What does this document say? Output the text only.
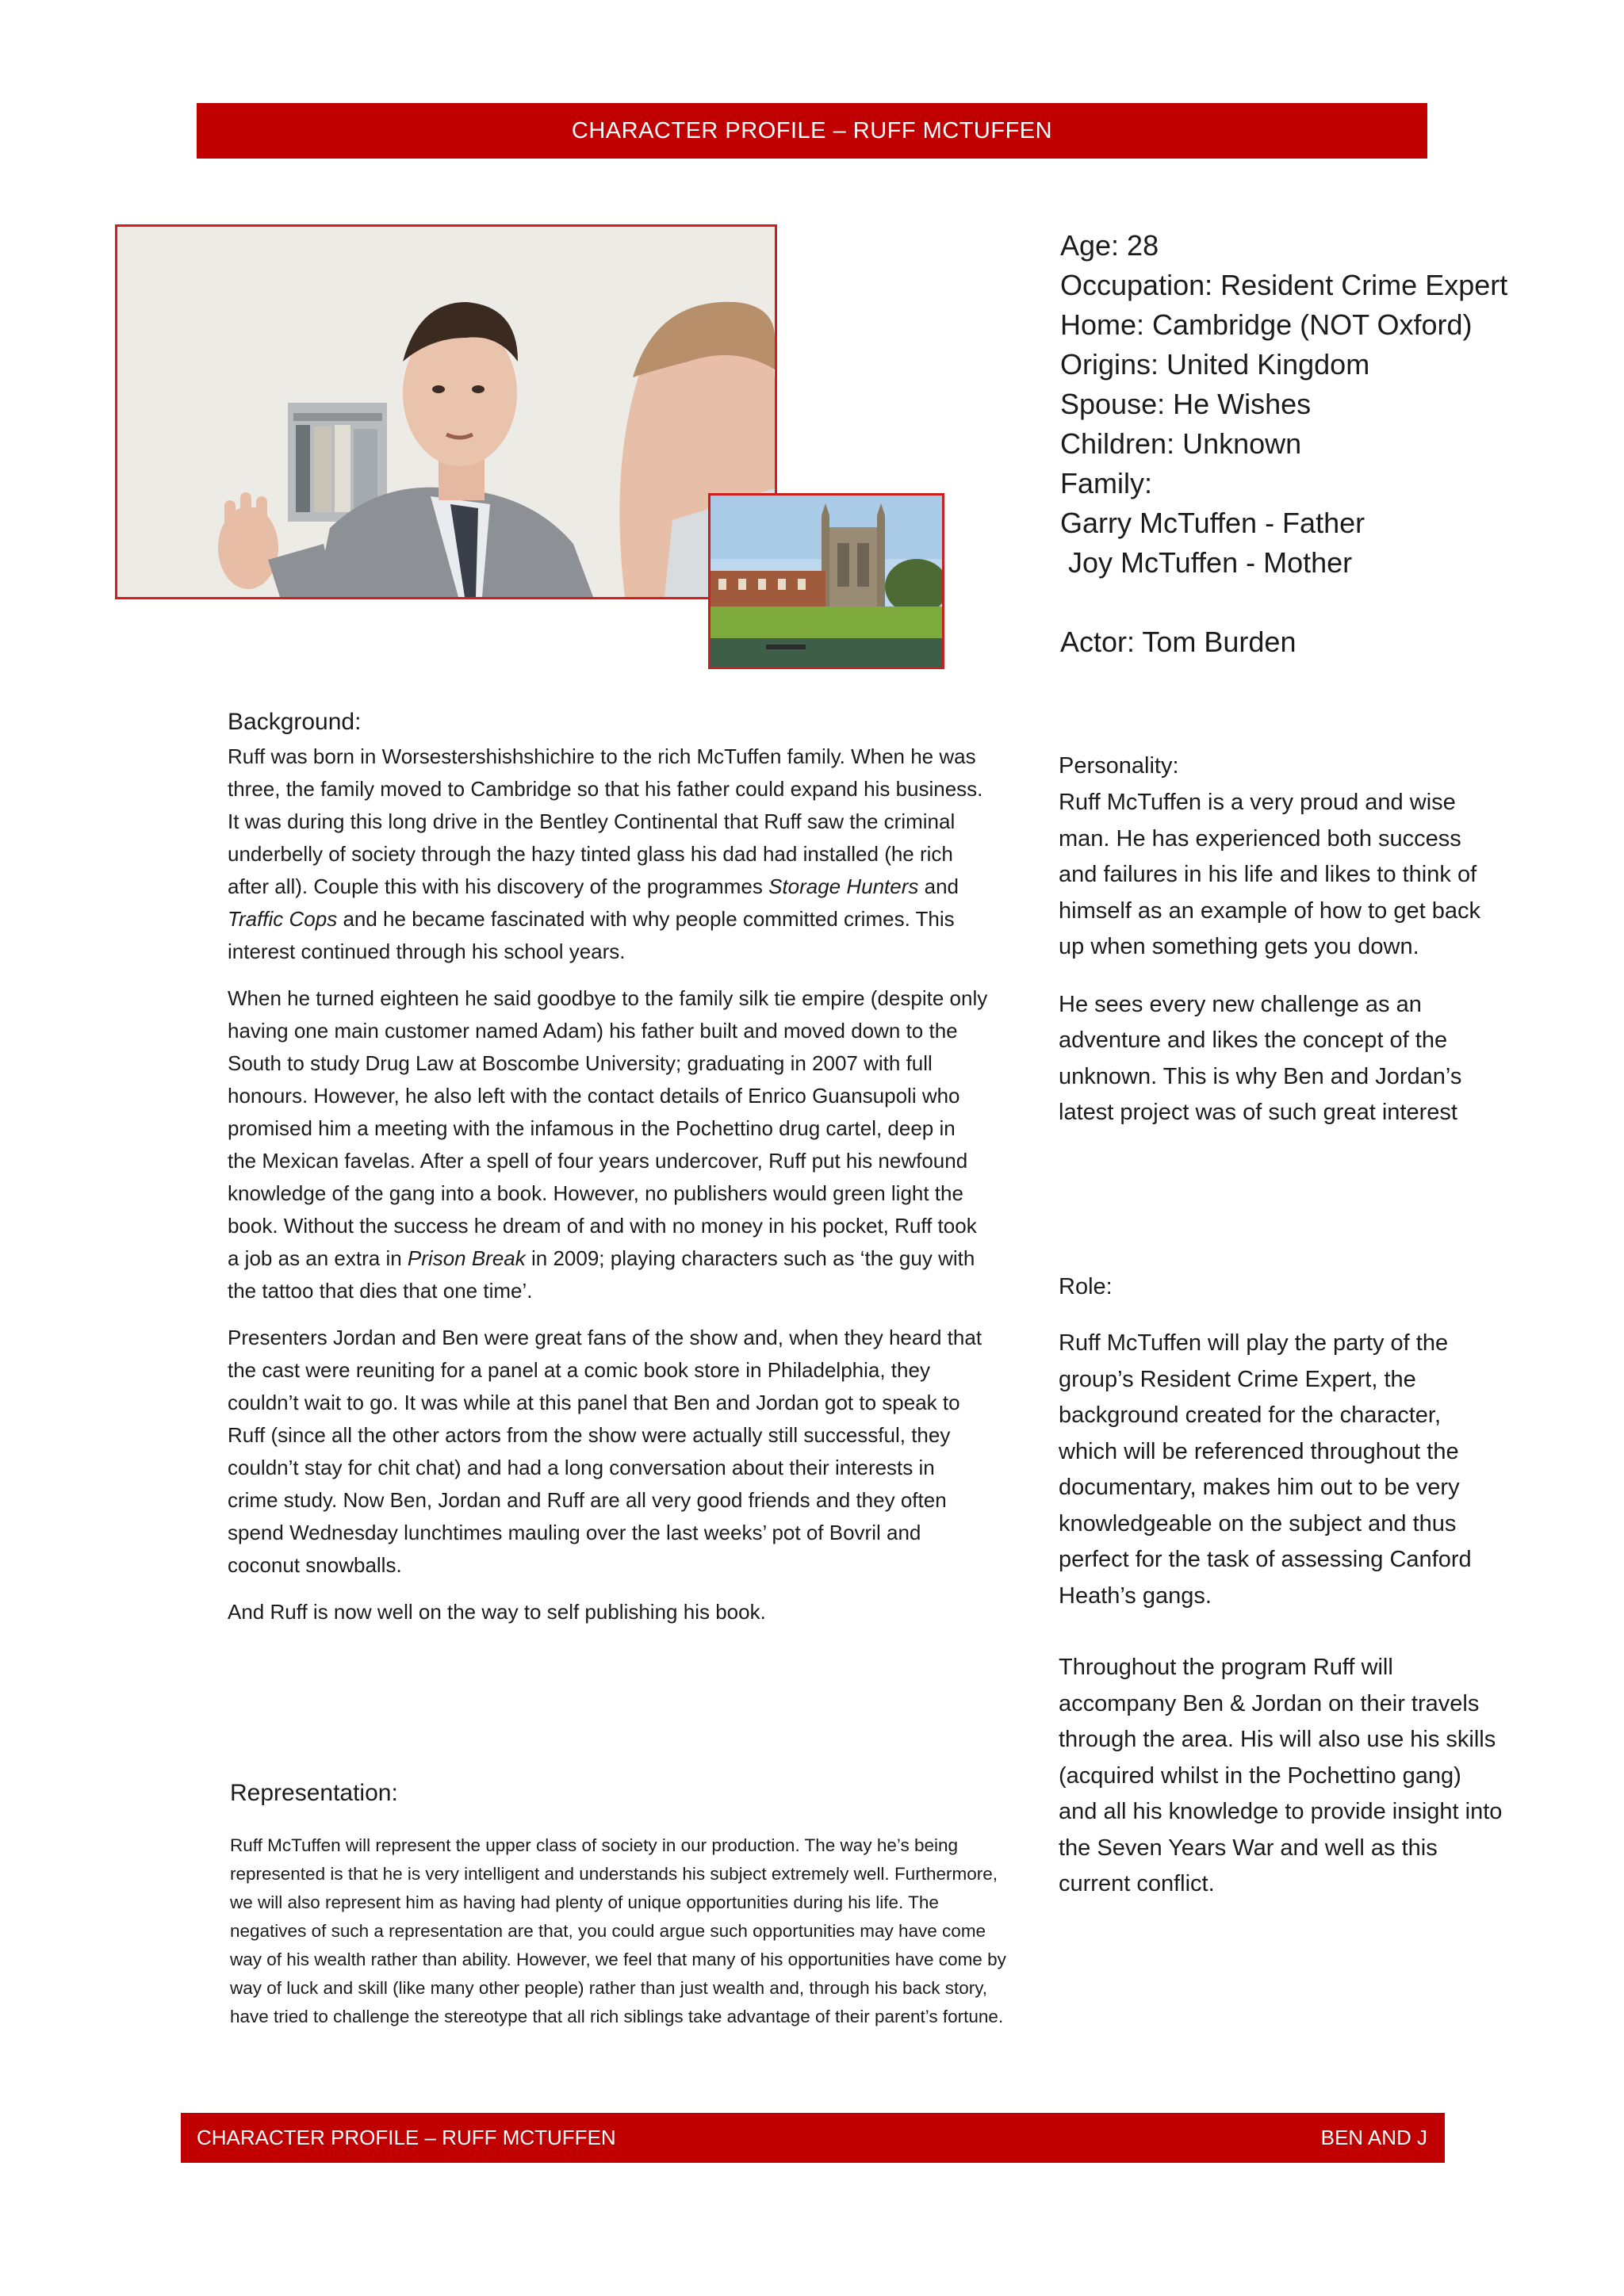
CHARACTER PROFILE – RUFF MCTUFFEN
Age: 28
Occupation: Resident Crime Expert
Home: Cambridge (NOT Oxford)
Origins: United Kingdom
Spouse: He Wishes
Children: Unknown
Family:
Garry McTuffen - Father
Joy McTuffen - Mother
Actor: Tom Burden
Background:

Ruff was born in Worsestershishshichire to the rich McTuffen family. When he was three, the family moved to Cambridge so that his father could expand his business. It was during this long drive in the Bentley Continental that Ruff saw the criminal underbelly of society through the hazy tinted glass his dad had installed (he rich after all). Couple this with his discovery of the programmes Storage Hunters and Traffic Cops and he became fascinated with why people committed crimes. This interest continued through his school years.

When he turned eighteen he said goodbye to the family silk tie empire (despite only having one main customer named Adam) his father built and moved down to the South to study Drug Law at Boscombe University; graduating in 2007 with full honours. However, he also left with the contact details of Enrico Guansupoli who promised him a meeting with the infamous in the Pochettino drug cartel, deep in the Mexican favelas. After a spell of four years undercover, Ruff put his newfound knowledge of the gang into a book. However, no publishers would green light the book. Without the success he dream of and with no money in his pocket, Ruff took a job as an extra in Prison Break in 2009; playing characters such as ‘the guy with the tattoo that dies that one time’.

Presenters Jordan and Ben were great fans of the show and, when they heard that the cast were reuniting for a panel at a comic book store in Philadelphia, they couldn’t wait to go. It was while at this panel that Ben and Jordan got to speak to Ruff (since all the other actors from the show were actually still successful, they couldn’t stay for chit chat) and had a long conversation about their interests in crime study. Now Ben, Jordan and Ruff are all very good friends and they often spend Wednesday lunchtimes mauling over the last weeks’ pot of Bovril and coconut snowballs.

And Ruff is now well on the way to self publishing his book.

Representation:
Ruff McTuffen will represent the upper class of society in our production. The way he’s being represented is that he is very intelligent and understands his subject extremely well. Furthermore, we will also represent him as having had plenty of unique opportunities during his life. The negatives of such a representation are that, you could argue such opportunities may have come way of his wealth rather than ability. However, we feel that many of his opportunities have come by way of luck and skill (like many other people) rather than just wealth and, through his back story, have tried to challenge the stereotype that all rich siblings take advantage of their parent’s fortune.
Personality:

Ruff McTuffen is a very proud and wise man. He has experienced both success and failures in his life and likes to think of himself as an example of how to get back up when something gets you down.

He sees every new challenge as an adventure and likes the concept of the unknown. This is why Ben and Jordan’s latest project was of such great interest

Role:

Ruff McTuffen will play the party of the group’s Resident Crime Expert, the background created for the character, which will be referenced throughout the documentary, makes him out to be very knowledgeable on the subject and thus perfect for the task of assessing Canford Heath’s gangs.

Throughout the program Ruff will accompany Ben & Jordan on their travels through the area. His will also use his skills (acquired whilst in the Pochettino gang) and all his knowledge to provide insight into the Seven Years War and well as this current conflict.

CHARACTER PROFILE – RUFF MCTUFFEN	BEN AND J
